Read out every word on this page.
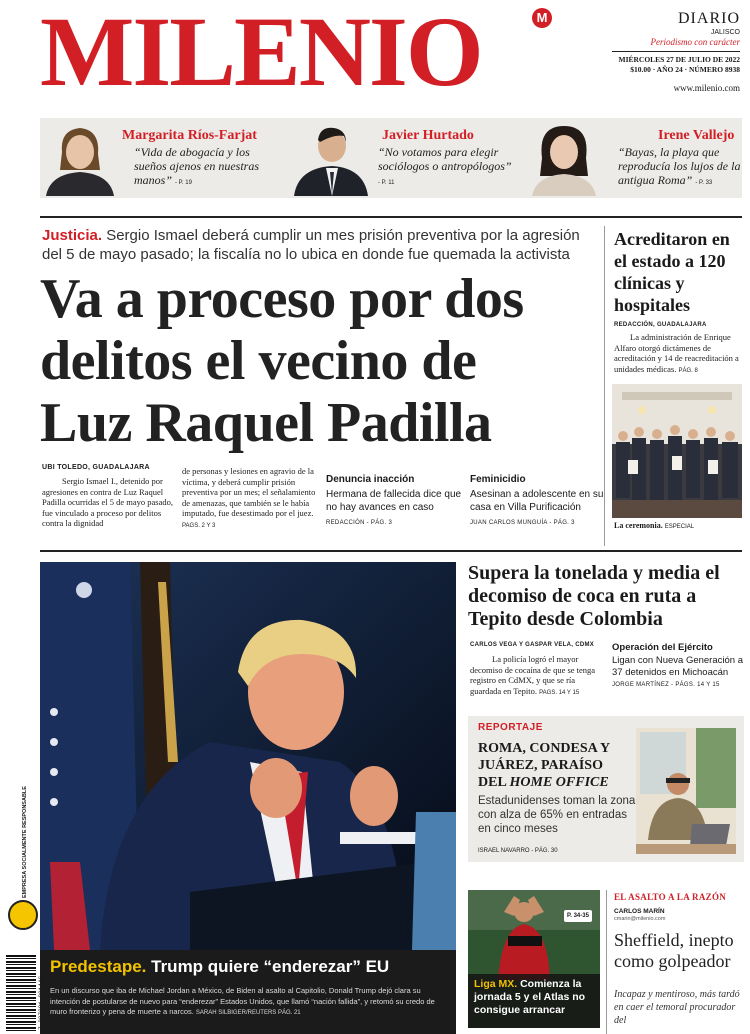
MILENIO	M	DIARIO
JALISCO
Periodismo con carácter
MIÉRCOLES 27 DE JULIO DE 2022
$10.00 · AÑO 24 · NÚMERO 8938
www.milenio.com
Margarita Ríos-Farjat
“Vida de abogacía y los sueños ajenos en nuestras manos” - P. 19
Javier Hurtado
“No votamos para elegir sociólogos o antropólogos” - P. 11
Irene Vallejo
“Bayas, la playa que reproducía los lujos de la antigua Roma” - P. 33
Justicia. Sergio Ismael deberá cumplir un mes prisión preventiva por la agresión del 5 de mayo pasado; la fiscalía no lo ubica en donde fue quemada la activista
Va a proceso por dos
delitos el vecino de
Luz Raquel Padilla
UBI TOLEDO, GUADALAJARA
Sergio Ismael I., detenido por agresiones en contra de Luz Raquel Padilla ocurridas el 5 de mayo pasado, fue vinculado a proceso por delitos contra la dignidad
de personas y lesiones en agravio de la víctima, y deberá cumplir prisión preventiva por un mes; el señalamiento de amenazas, que también se le había imputado, fue desestimado por el juez. PAGS. 2 Y 3
Denuncia inacción
Hermana de fallecida dice que no hay avances en caso
REDACCIÓN - PÁG. 3
Feminicidio
Asesinan a adolescente en su casa en Villa Purificación
JUAN CARLOS MUNGUÍA - PÁG. 3
Acreditaron en el estado a 120 clínicas y hospitales
REDACCIÓN, GUADALAJARA
La administración de Enrique Alfaro otorgó dictámenes de acreditación y 14 de reacreditación a unidades médicas. PÁG. 8
La ceremonia. ESPECIAL
Predestape. Trump quiere “enderezar” EU
En un discurso que iba de Michael Jordan a México, de Biden al asalto al Capitolio, Donald Trump dejó clara su intención de postularse de nuevo para “enderezar” Estados Unidos, que llamó “nación fallida”, y retomó su credo de muro fronterizo y pena de muerte a narcos. SARAH SILBIGER/REUTERS PÁG. 21
EMPRESA SOCIALMENTE RESPONSABLE
7 227281 001446
Supera la tonelada y media el decomiso de coca en ruta a Tepito desde Colombia
CARLOS VEGA Y GASPAR VELA, CDMX
La policía logró el mayor decomiso de cocaína de que se tenga registro en CdMX, y que se ría guardada en Tepito. PAGS. 14 Y 15
Operación del Ejército
Ligan con Nueva Generación a 37 detenidos en Michoacán
JORGE MARTÍNEZ - PÁGS. 14 Y 15
REPORTAJE
ROMA, CONDESA Y JUÁREZ, PARAÍSO DEL HOME OFFICE
Estadunidenses toman la zona con alza de 65% en entradas en cinco meses
ISRAEL NAVARRO - PÁG. 30
P. 34-35
Liga MX. Comienza la jornada 5 y el Atlas no consigue arrancar
EL ASALTO A LA RAZÓN
CARLOS MARÍN
cmarin@milenio.com
Sheffield, inepto como golpeador
Incapaz y mentiroso, más tardó en caer el temoral procurador del
